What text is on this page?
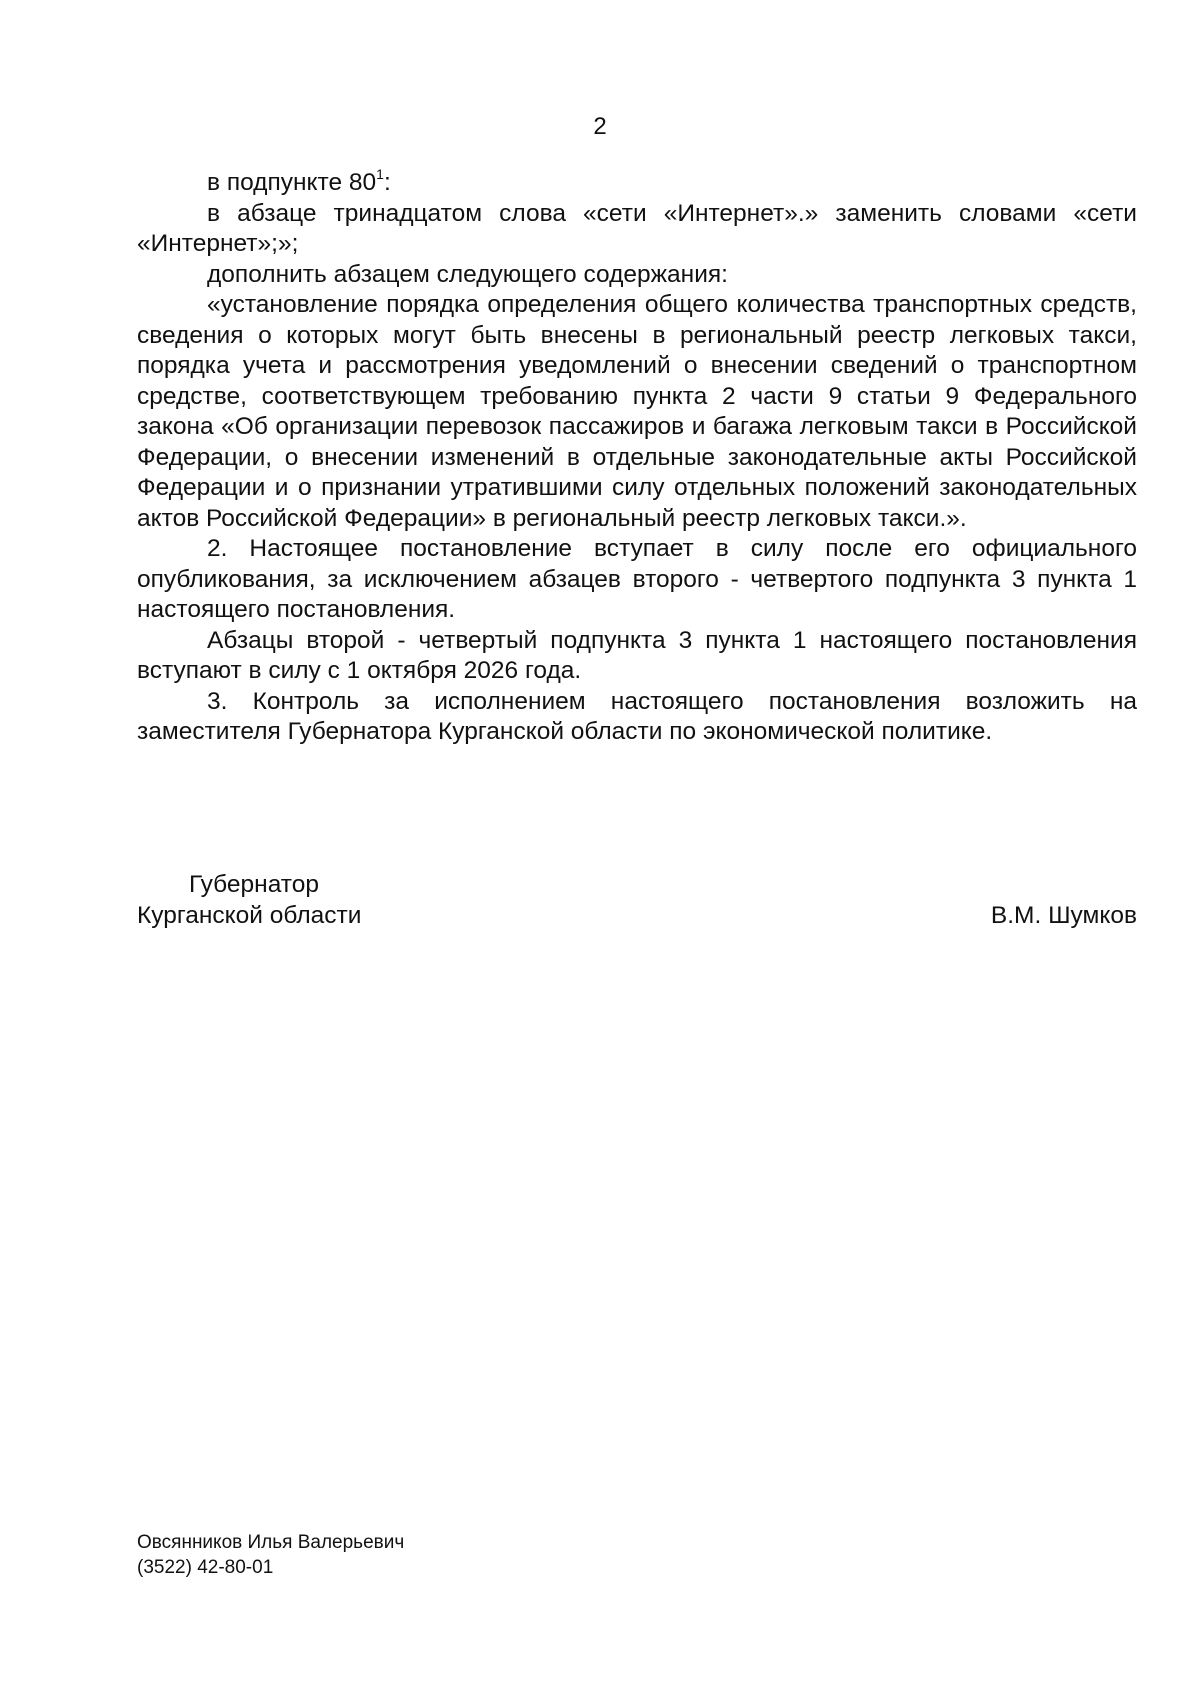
2

в подпункте $80^1$:

в абзаце тринадцатом слова «сети «Интернет».» заменить словами «сети «Интернет»;»;

дополнить абзацем следующего содержания:

«установление порядка определения общего количества транспортных средств, сведения о которых могут быть внесены в региональный реестр легковых такси, порядка учета и рассмотрения уведомлений о внесении сведений о транспортном средстве, соответствующем требованию пункта 2 части 9 статьи 9 Федерального закона «Об организации перевозок пассажиров и багажа легковым такси в Российской Федерации, о внесении изменений в отдельные законодательные акты Российской Федерации и о признании утратившими силу отдельных положений законодательных актов Российской Федерации» в региональный реестр легковых такси.».

2. Настоящее постановление вступает в силу после его официального опубликования, за исключением абзацев второго - четвертого подпункта 3 пункта 1 настоящего постановления.

Абзацы второй - четвертый подпункта 3 пункта 1 настоящего постановления вступают в силу с 1 октября 2026 года.

3. Контроль за исполнением настоящего постановления возложить на заместителя Губернатора Курганской области по экономической политике.

Губернатор
Курганской области	В.М. Шумков
Овсянников Илья Валерьевич
(3522) 42-80-01
